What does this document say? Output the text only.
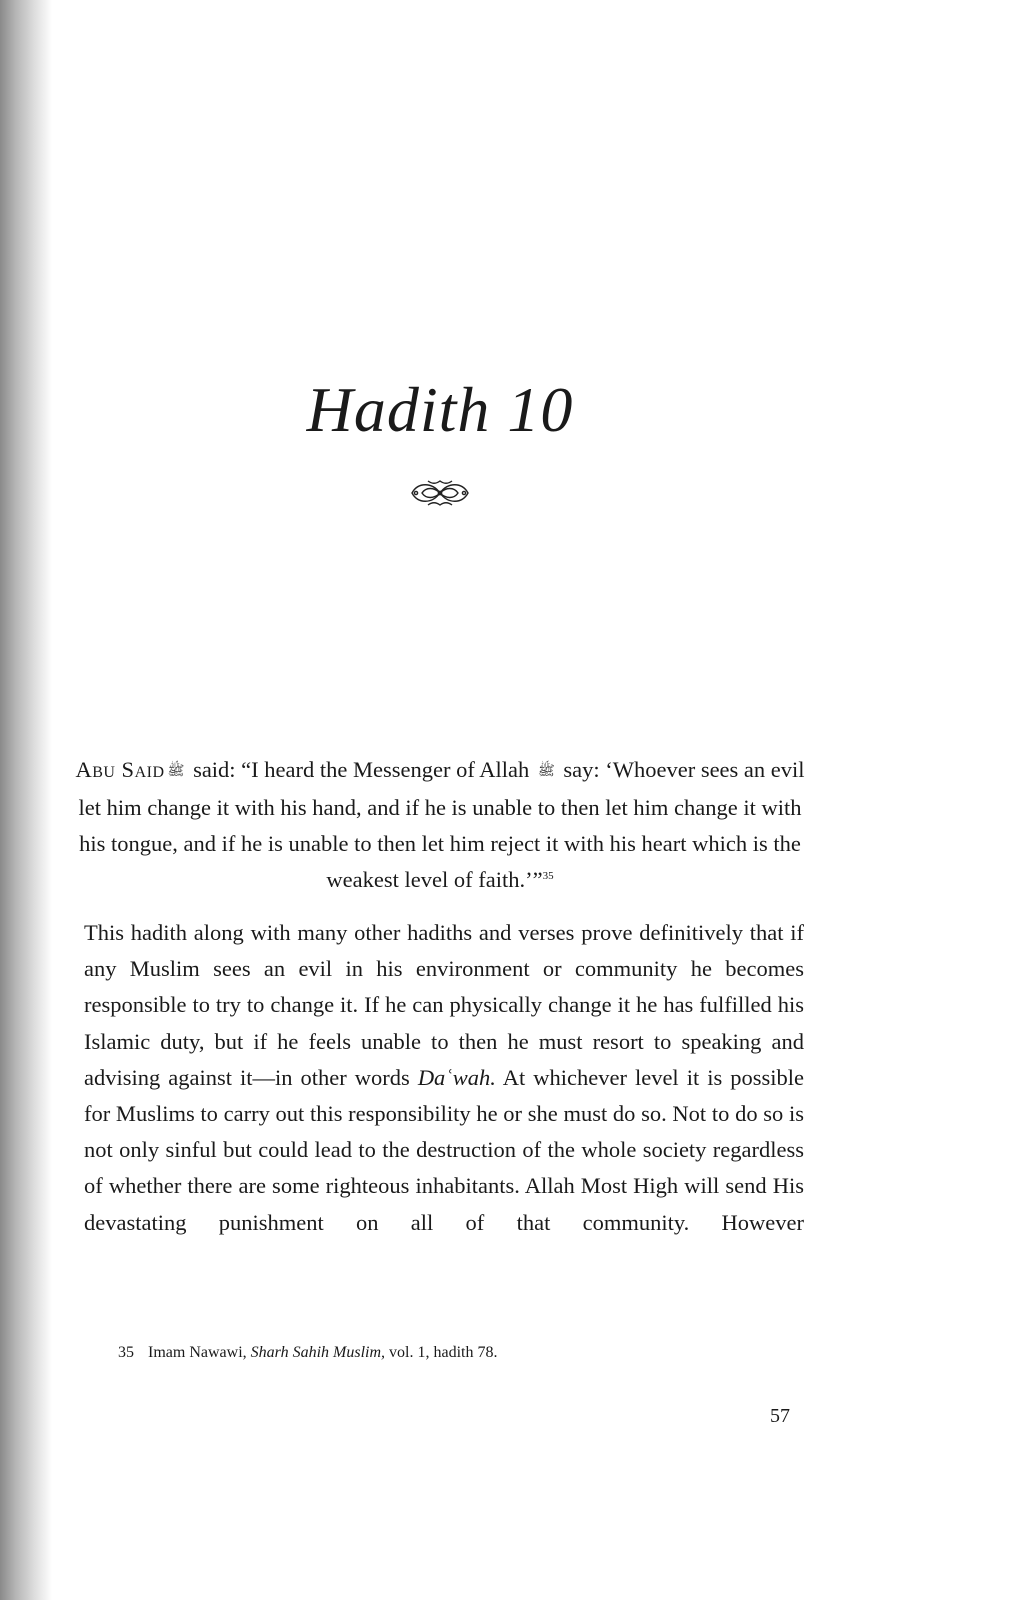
Hadith 10
Abu Said ﷺ said: “I heard the Messenger of Allah ﷺ say: ‘Whoever sees an evil let him change it with his hand, and if he is unable to then let him change it with his tongue, and if he is unable to then let him reject it with his heart which is the weakest level of faith.’”$^{35}$

This hadith along with many other hadiths and verses prove definitively that if any Muslim sees an evil in his environment or community he becomes responsible to try to change it. If he can physically change it he has fulfilled his Islamic duty, but if he feels unable to then he must resort to speaking and advising against it—in other words Daʿwah. At whichever level it is possible for Muslims to carry out this responsibility he or she must do so. Not to do so is not only sinful but could lead to the destruction of the whole society regardless of whether there are some righteous inhabitants. Allah Most High will send His devastating punishment on all of that community. However

35 Imam Nawawi, Sharh Sahih Muslim, vol. 1, hadith 78.
57
